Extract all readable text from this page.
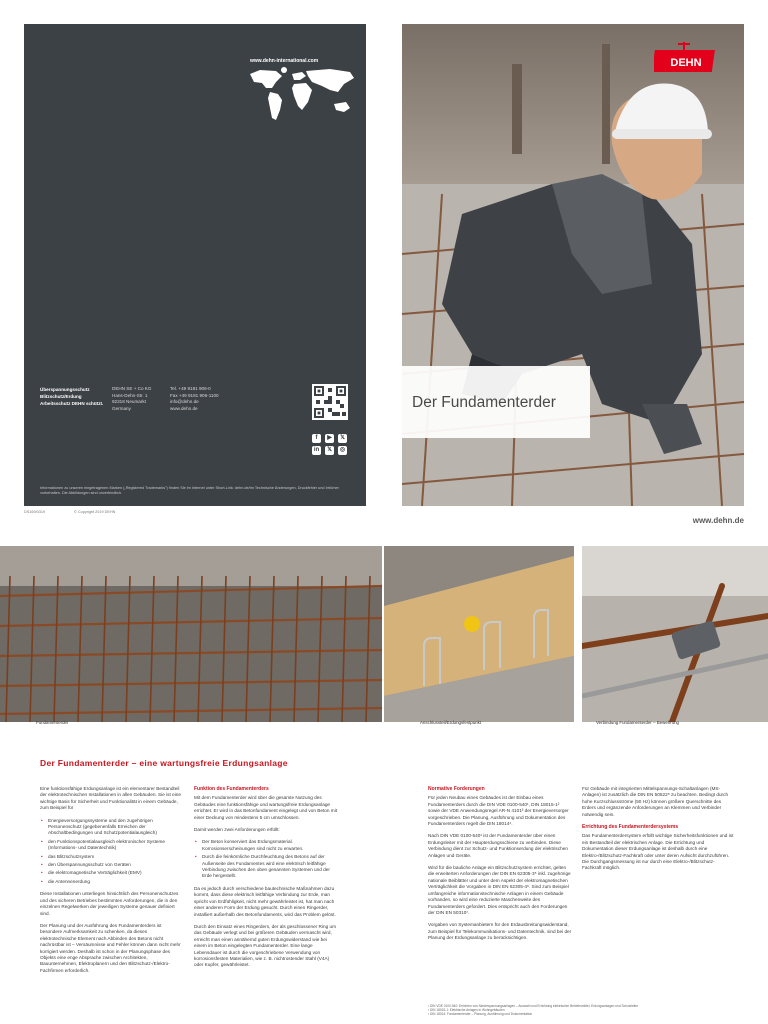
www.dehn-international.com
Überspannungsschutz Blitzschutz/Erdung Arbeitsschutz DEHN schützt.
DEHN SE + Co KG
Hans-Dehn-Str. 1
92318 Neumarkt
Germany
Tel. +49 9181 906-0
Fax +49 9181 906-1100
info@dehn.de
www.dehn.de
f ▶ 𝕏
in 𝕏 ◎
Informationen zu unseren eingetragenen Marken („Registered Trademarks") finden Sie im Internet unter Short-Link: dehn.de/tm Technische Änderungen, Druckfehler und Irrtümer vorbehalten. Die Abbildungen sind unverbindlich.
DS169/0319	© Copyright 2019 DEHN
DEHN
Der Fundamenterder
www.dehn.de
Fundamenterder	Anschlussteil/Erdungsfestpunkt	Verbindung Fundamenterder – Bewehrung
Der Fundamenterder – eine wartungsfreie Erdungsanlage

Eine funktionsfähige Erdungsanlage ist ein elementarer Bestandteil der elektrotechnischen Installationen in allen Gebäuden. Sie ist eine wichtige Basis für Sicherheit und Funktionalität in einem Gebäude, zum Beispiel für

• Energieversorgungssysteme und den zugehörigen Personenschutz (gegebenenfalls Erreichen der Abschaltbedingungen und Schutzpotentialausgleich)
• den Funktionspotentialausgleich elektronischer Systeme (Informations- und Datentechnik)
• das Blitzschutzsystem
• den Überspannungsschutz von Geräten
• die elektromagnetische Verträglichkeit (EMV)
• die Antennenerdung

Diese Installationen unterliegen hinsichtlich des Personenschutzes und des sicheren Betriebes bestimmten Anforderungen, die in den einzelnen Regelwerken der jeweiligen Systeme genauer definiert sind.

Der Planung und der Ausführung des Fundamenterders ist besondere Aufmerksamkeit zu schenken, da dieses elektrotechnische Element nach Abbinden des Betons nicht nachrüstbar ist – Versäumnisse und Fehler können dann nicht mehr korrigiert werden. Deshalb ist schon in der Planungsphase des Objekts eine enge Absprache zwischen Architekten, Bauunternehmen, Elektroplanern und den Blitzschutz-/Elektro-Fachfirmen erforderlich.

Funktion des Fundamenterders

Mit dem Fundamenterder wird über die gesamte Nutzung des Gebäudes eine funktionsfähige und wartungsfreie Erdungsanlage errichtet. Er wird in das Betonfundament eingelegt und von Beton mit einer Deckung von mindestens 5 cm umschlossen.

Damit werden zwei Anforderungen erfüllt:

• Der Beton konserviert das Erdungsmaterial. Korrosionserscheinungen sind nicht zu erwarten.
• Durch die feinkörnliche Durchfeuchtung des Betons auf der Außenseite des Fundamentes wird eine elektrisch leitfähige Verbindung zwischen den oben genannten Systemen und der Erde hergestellt.

Da es jedoch durch verschiedene bautechnische Maßnahmen dazu kommt, dass diese elektrisch leitfähige Verbindung zur Erde, man spricht von Erdfühligkeit, nicht mehr gewährleistet ist, hat man nach einer anderen Form der Erdung gesucht. Durch einen Ringerder, installiert außerhalb des Betonfundaments, wird das Problem gelöst.

Durch den Einsatz eines Ringerders, der als geschlossener Ring um das Gebäude verlegt und bei größeren Gebäuden vermascht wird, erreicht man einen annähernd guten Erdungswiderstand wie bei einem im Beton eingelegten Fundamenterder. Eine lange Lebensdauer ist durch die vorgeschriebene Verwendung von korrosionsfesten Materialien, wie z. B. nichtrostender Stahl (V4A) oder Kupfer, gewährleistet.

Normative Forderungen

Für jeden Neubau eines Gebäudes ist der Einbau eines Fundamenterders durch die DIN VDE 0100-540¹, DIN 18015-1² sowie der VDE Anwendungsregel AR-N 4101³ der Energieversorger vorgeschrieben. Die Planung, Ausführung und Dokumentation des Fundamenterders regelt die DIN 18014⁴.

Nach DIN VDE 0100-540¹ ist der Fundamenterder über einen Erdungsleiter mit der Haupterdungsschiene zu verbinden. Diese Verbindung dient zur Schutz- und Funktionserdung der elektrischen Anlagen und Geräte.

Wird für die bauliche Anlage ein Blitzschutzsystem errichtet, gelten die erweiterten Anforderungen der DIN EN 62305-3⁵ inkl. zugehörige nationale Beiblätter und unter dem Aspekt der elektromagnetischen Verträglichkeit die Vorgaben in DIN EN 62305-4⁶. Sind zum Beispiel umfangreiche informationstechnische Anlagen in einem Gebäude vorhanden, so wird eine reduzierte Maschenweite des Fundamenterders gefordert. Dies entspricht auch den Forderungen der DIN EN 50310⁷.

Vorgaben von Systemanbietern für den Erdausbreitungswiderstand, zum Beispiel für Telekommunikations- und Datentechnik, sind bei der Planung der Erdungsanlage zu berücksichtigen.

Für Gebäude mit integrierten Mittelspannungs-Schaltanlagen (MS-Anlagen) ist zusätzlich die DIN EN 50522⁸ zu beachten. Bedingt durch hohe Kurzschlussströme (50 Hz) können größere Querschnitte des Erders und ergänzende Anforderungen an Klemmen und Verbinder notwendig sein.

Errichtung des Fundamenterdersystems

Das Fundamenterdersystem erfüllt wichtige Sicherheitsfunktionen und ist ein Bestandteil der elektrischen Anlage. Die Errichtung und Dokumentation dieser Erdungsanlage ist deshalb durch eine Elektro-/Blitzschutz-Fachkraft oder unter deren Aufsicht durchzuführen. Die Durchgangsmessung ist nur durch eine Elektro-/Blitzschutz-Fachkraft möglich.

¹ DIN VDE 0100-540: Errichten von Niederspannungsanlagen – Auswahl und Errichtung elektrischer Betriebsmittel, Erdungsanlagen und Schutzleiter
² DIN 18015-1: Elektrische Anlagen in Wohngebäuden
³ DIN 18014: Fundamenterder – Planung, Ausführung und Dokumentation
